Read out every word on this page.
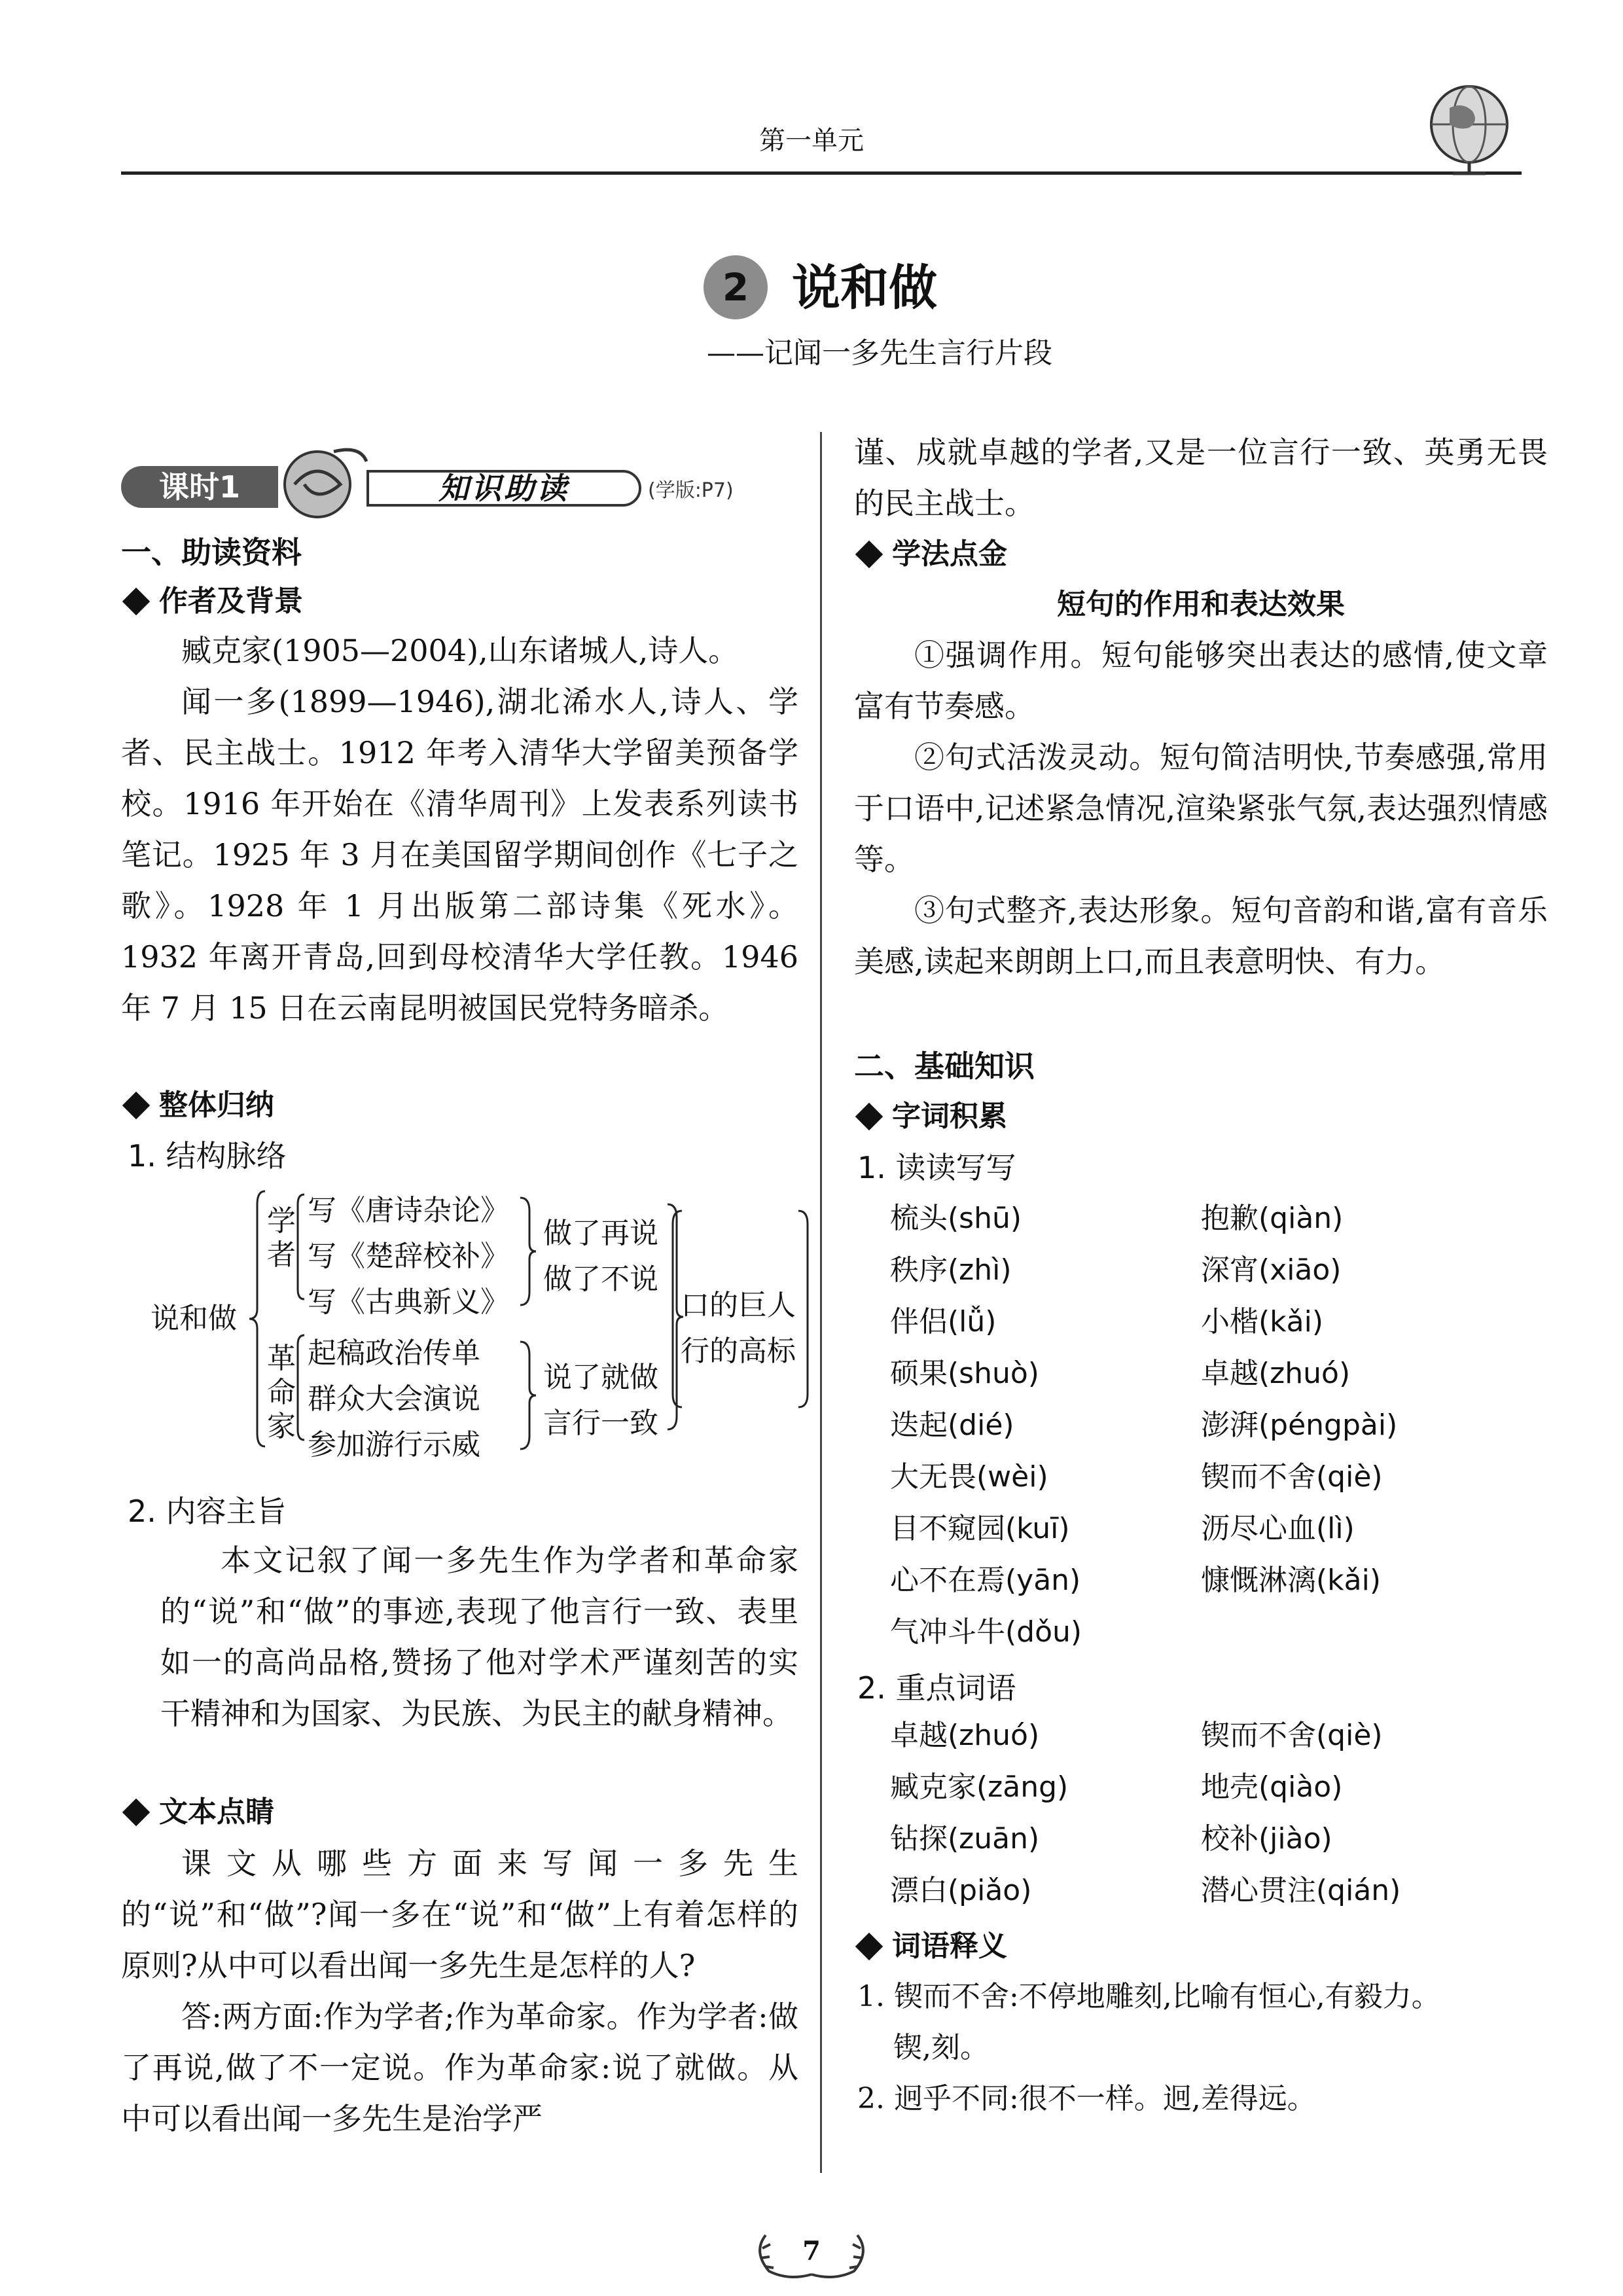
第一单元
2 说和做
——记闻一多先生言行片段
课时1	知识助读	(学版:P7)
一、助读资料
作者及背景
臧克家(1905—2004),山东诸城人,诗人。
闻一多(1899—1946),湖北浠水人,诗人、学者、民主战士。1912 年考入清华大学留美预备学校。1916 年开始在《清华周刊》上发表系列读书笔记。1925 年 3 月在美国留学期间创作《七子之歌》。1928 年 1 月出版第二部诗集《死水》。1932 年离开青岛,回到母校清华大学任教。1946 年 7 月 15 日在云南昆明被国民党特务暗杀。
整体归纳
1. 结构脉络
说和做
学者
革命家
写《唐诗杂论》
写《楚辞校补》
写《古典新义》
做了再说
做了不说
起稿政治传单
群众大会演说
参加游行示威
说了就做
言行一致
口的巨人
行的高标
2. 内容主旨
本文记叙了闻一多先生作为学者和革命家的“说”和“做”的事迹,表现了他言行一致、表里如一的高尚品格,赞扬了他对学术严谨刻苦的实干精神和为国家、为民族、为民主的献身精神。
文本点睛
课文从哪些方面来写闻一多先生的“说”和“做”?闻一多在“说”和“做”上有着怎样的原则?从中可以看出闻一多先生是怎样的人?
答:两方面:作为学者;作为革命家。作为学者:做了再说,做了不一定说。作为革命家:说了就做。从中可以看出闻一多先生是治学严
谨、成就卓越的学者,又是一位言行一致、英勇无畏的民主战士。
学法点金
短句的作用和表达效果
①强调作用。短句能够突出表达的感情,使文章富有节奏感。
②句式活泼灵动。短句简洁明快,节奏感强,常用于口语中,记述紧急情况,渲染紧张气氛,表达强烈情感等。
③句式整齐,表达形象。短句音韵和谐,富有音乐美感,读起来朗朗上口,而且表意明快、有力。
二、基础知识
字词积累
1. 读读写写
梳头(shū)
秩序(zhì)
伴侣(lǚ)
硕果(shuò)
迭起(dié)
大无畏(wèi)
目不窥园(kuī)
心不在焉(yān)
气冲斗牛(dǒu)
抱歉(qiàn)
深宵(xiāo)
小楷(kǎi)
卓越(zhuó)
澎湃(péngpài)
锲而不舍(qiè)
沥尽心血(lì)
慷慨淋漓(kǎi)
2. 重点词语
卓越(zhuó)
臧克家(zāng)
钻探(zuān)
漂白(piǎo)
锲而不舍(qiè)
地壳(qiào)
校补(jiào)
潜心贯注(qián)
词语释义
1. 锲而不舍:不停地雕刻,比喻有恒心,有毅力。
锲,刻。
2. 迥乎不同:很不一样。迥,差得远。
7
